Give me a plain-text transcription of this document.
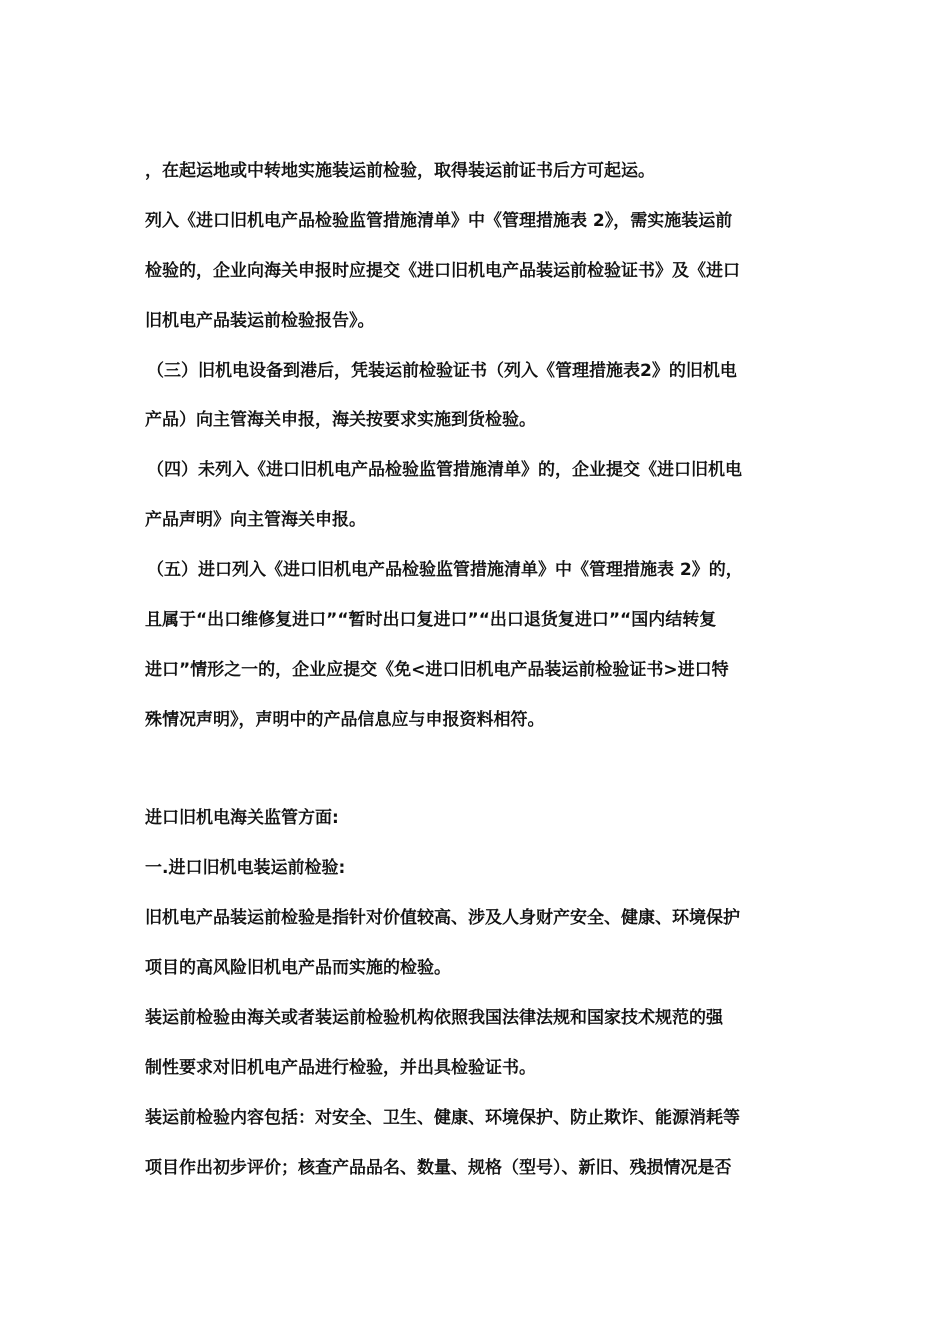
，在起运地或中转地实施装运前检验，取得装运前证书后方可起运。

列入《进口旧机电产品检验监管措施清单》中《管理措施表 2》，需实施装运前

检验的，企业向海关申报时应提交《进口旧机电产品装运前检验证书》及《进口

旧机电产品装运前检验报告》。

（三）旧机电设备到港后，凭装运前检验证书（列入《管理措施表2》的旧机电

产品）向主管海关申报，海关按要求实施到货检验。

（四）未列入《进口旧机电产品检验监管措施清单》的，企业提交《进口旧机电

产品声明》向主管海关申报。

（五）进口列入《进口旧机电产品检验监管措施清单》中《管理措施表 2》的，

且属于“出口维修复进口”“暂时出口复进口”“出口退货复进口”“国内结转复

进口”情形之一的，企业应提交《免<进口旧机电产品装运前检验证书>进口特

殊情况声明》，声明中的产品信息应与申报资料相符。

进口旧机电海关监管方面:

一.进口旧机电装运前检验:

旧机电产品装运前检验是指针对价值较高、涉及人身财产安全、健康、环境保护

项目的高风险旧机电产品而实施的检验。

装运前检验由海关或者装运前检验机构依照我国法律法规和国家技术规范的强

制性要求对旧机电产品进行检验，并出具检验证书。

装运前检验内容包括：对安全、卫生、健康、环境保护、防止欺诈、能源消耗等

项目作出初步评价；核查产品品名、数量、规格（型号）、新旧、残损情况是否
